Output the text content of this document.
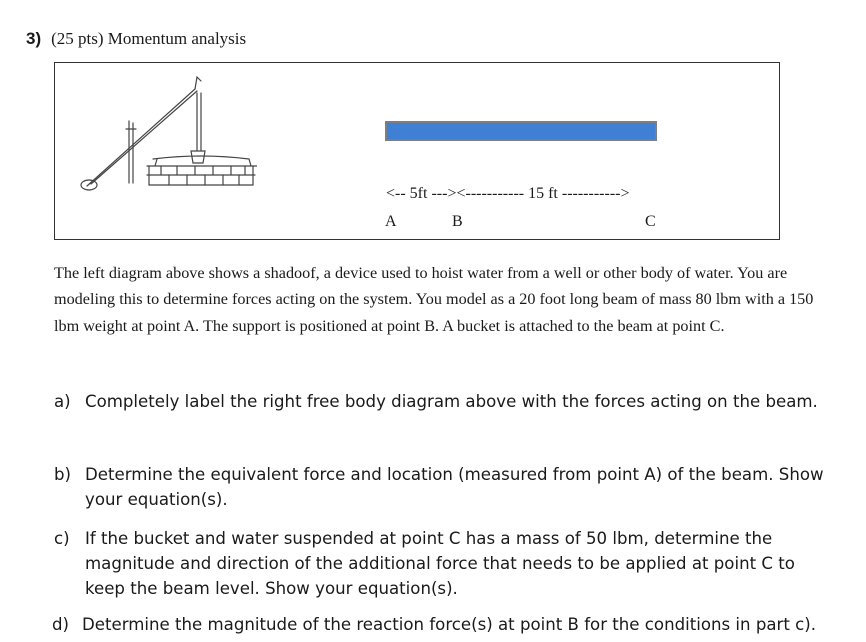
3) (25 pts) Momentum analysis
<-- 5ft ---><----------- 15 ft ----------->
A	B	C
The left diagram above shows a shadoof, a device used to hoist water from a well or other body of water. You are modeling this to determine forces acting on the system. You model as a 20 foot long beam of mass 80 lbm with a 150 lbm weight at point A. The support is positioned at point B. A bucket is attached to the beam at point C.
a) Completely label the right free body diagram above with the forces acting on the beam.
b) Determine the equivalent force and location (measured from point A) of the beam. Show your equation(s).
c) If the bucket and water suspended at point C has a mass of 50 lbm, determine the magnitude and direction of the additional force that needs to be applied at point C to keep the beam level. Show your equation(s).
d) Determine the magnitude of the reaction force(s) at point B for the conditions in part c).
